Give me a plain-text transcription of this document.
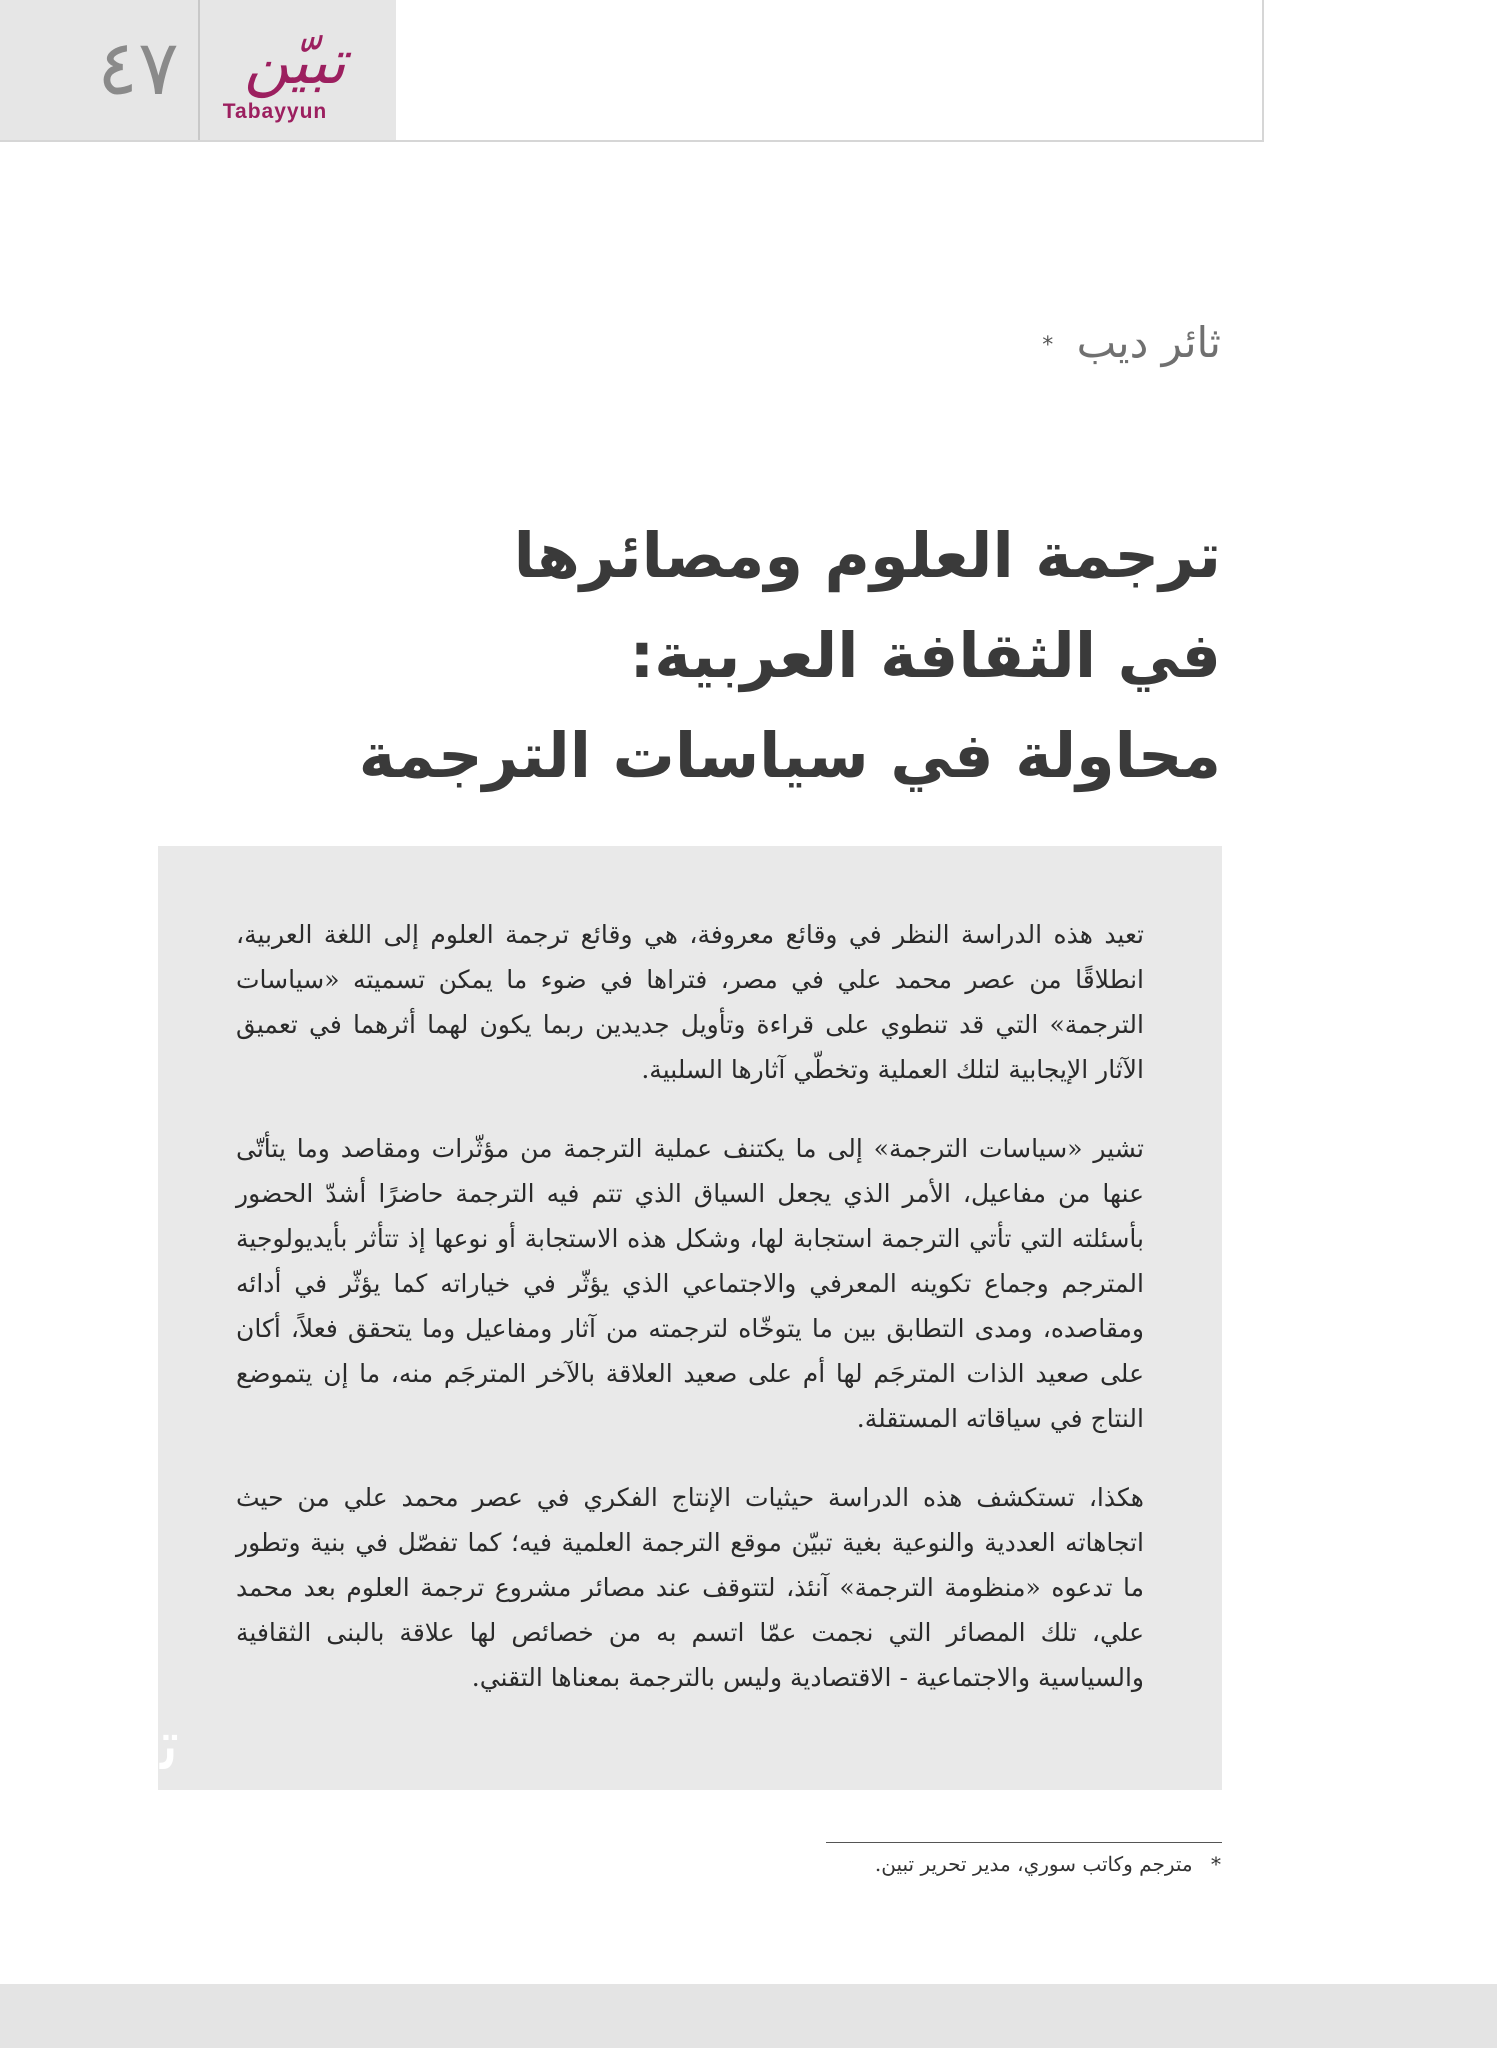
٤٧	تبيّن
Tabayyun
ثائر ديب *
ترجمة العلوم ومصائرها
في الثقافة العربية:
محاولة في سياسات الترجمة
ﺗ

تعيد هذه الدراسة النظر في وقائع معروفة، هي وقائع ترجمة العلوم إلى اللغة العربية، انطلاقًا من عصر محمد علي في مصر، فتراها في ضوء ما يمكن تسميته «سياسات الترجمة» التي قد تنطوي على قراءة وتأويل جديدين ربما يكون لهما أثرهما في تعميق الآثار الإيجابية لتلك العملية وتخطّي آثارها السلبية.

تشير «سياسات الترجمة» إلى ما يكتنف عملية الترجمة من مؤثّرات ومقاصد وما يتأتّى عنها من مفاعيل، الأمر الذي يجعل السياق الذي تتم فيه الترجمة حاضرًا أشدّ الحضور بأسئلته التي تأتي الترجمة استجابة لها، وشكل هذه الاستجابة أو نوعها إذ تتأثر بأيديولوجية المترجم وجماع تكوينه المعرفي والاجتماعي الذي يؤثّر في خياراته كما يؤثّر في أدائه ومقاصده، ومدى التطابق بين ما يتوخّاه لترجمته من آثار ومفاعيل وما يتحقق فعلاً، أكان على صعيد الذات المترجَم لها أم على صعيد العلاقة بالآخر المترجَم منه، ما إن يتموضع النتاج في سياقاته المستقلة.

هكذا، تستكشف هذه الدراسة حيثيات الإنتاج الفكري في عصر محمد علي من حيث اتجاهاته العددية والنوعية بغية تبيّن موقع الترجمة العلمية فيه؛ كما تفصّل في بنية وتطور ما تدعوه «منظومة الترجمة» آنئذ، لتتوقف عند مصائر مشروع ترجمة العلوم بعد محمد علي، تلك المصائر التي نجمت عمّا اتسم به من خصائص لها علاقة بالبنى الثقافية والسياسية والاجتماعية - الاقتصادية وليس بالترجمة بمعناها التقني.

* مترجم وكاتب سوري، مدير تحرير تبين.
